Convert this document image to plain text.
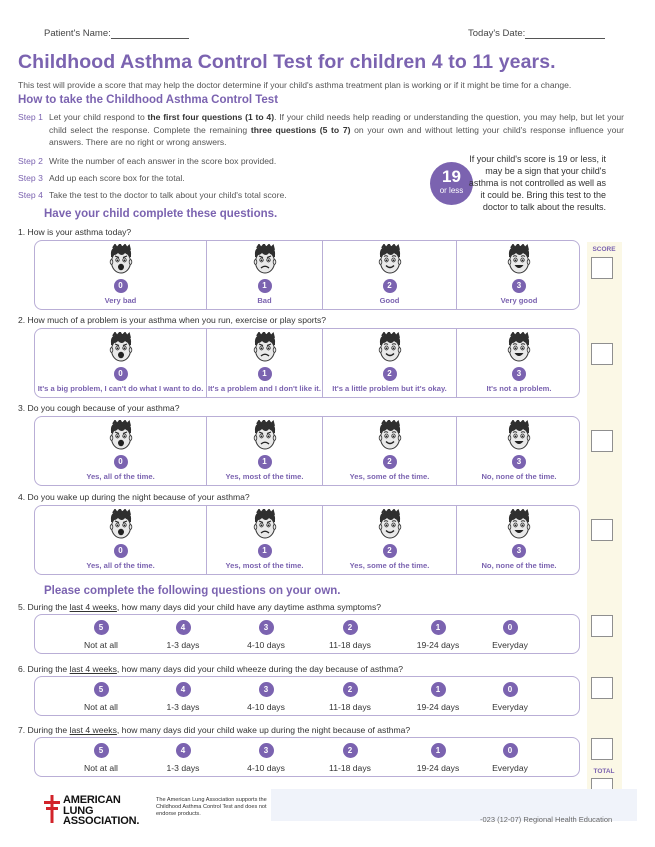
Patient's Name:	Today's Date:
Childhood Asthma Control Test for children 4 to 11 years.
This test will provide a score that may help the doctor determine if your child's asthma treatment plan is working or if it might be time for a change.
How to take the Childhood Asthma Control Test
Step 1 Let your child respond to the first four questions (1 to 4). If your child needs help reading or understanding the question, you may help, but let your child select the response. Complete the remaining three questions (5 to 7) on your own and without letting your child's response influence your answers. There are no right or wrong answers.
Step 2 Write the number of each answer in the score box provided.
Step 3 Add up each score box for the total.
Step 4 Take the test to the doctor to talk about your child's total score.
19
or less
If your child's score is 19 or less, it may be a sign that your child's asthma is not controlled as well as it could be. Bring this test to the doctor to talk about the results.
Have your child complete these questions.
SCORE
TOTAL
1. How is your asthma today?
0
Very bad
1
Bad
2
Good
3
Very good
2. How much of a problem is your asthma when you run, exercise or play sports?
0
It's a big problem, I can't do what I want to do.
1
It's a problem and I don't like it.
2
It's a little problem but it's okay.
3
It's not a problem.
3. Do you cough because of your asthma?
0
Yes, all of the time.
1
Yes, most of the time.
2
Yes, some of the time.
3
No, none of the time.
4. Do you wake up during the night because of your asthma?
0
Yes, all of the time.
1
Yes, most of the time.
2
Yes, some of the time.
3
No, none of the time.
Please complete the following questions on your own.
5. During the last 4 weeks, how many days did your child have any daytime asthma symptoms?
5
Not at all
4
1-3 days
3
4-10 days
2
11-18 days
1
19-24 days
0
Everyday
6. During the last 4 weeks, how many days did your child wheeze during the day because of asthma?
5
Not at all
4
1-3 days
3
4-10 days
2
11-18 days
1
19-24 days
0
Everyday
7. During the last 4 weeks, how many days did your child wake up during the night because of asthma?
5
Not at all
4
1-3 days
3
4-10 days
2
11-18 days
1
19-24 days
0
Everyday
AMERICAN
LUNG
ASSOCIATION.
The American Lung Association supports the Childhood Asthma Control Test and does not endorse products.
-023 (12-07) Regional Health Education
